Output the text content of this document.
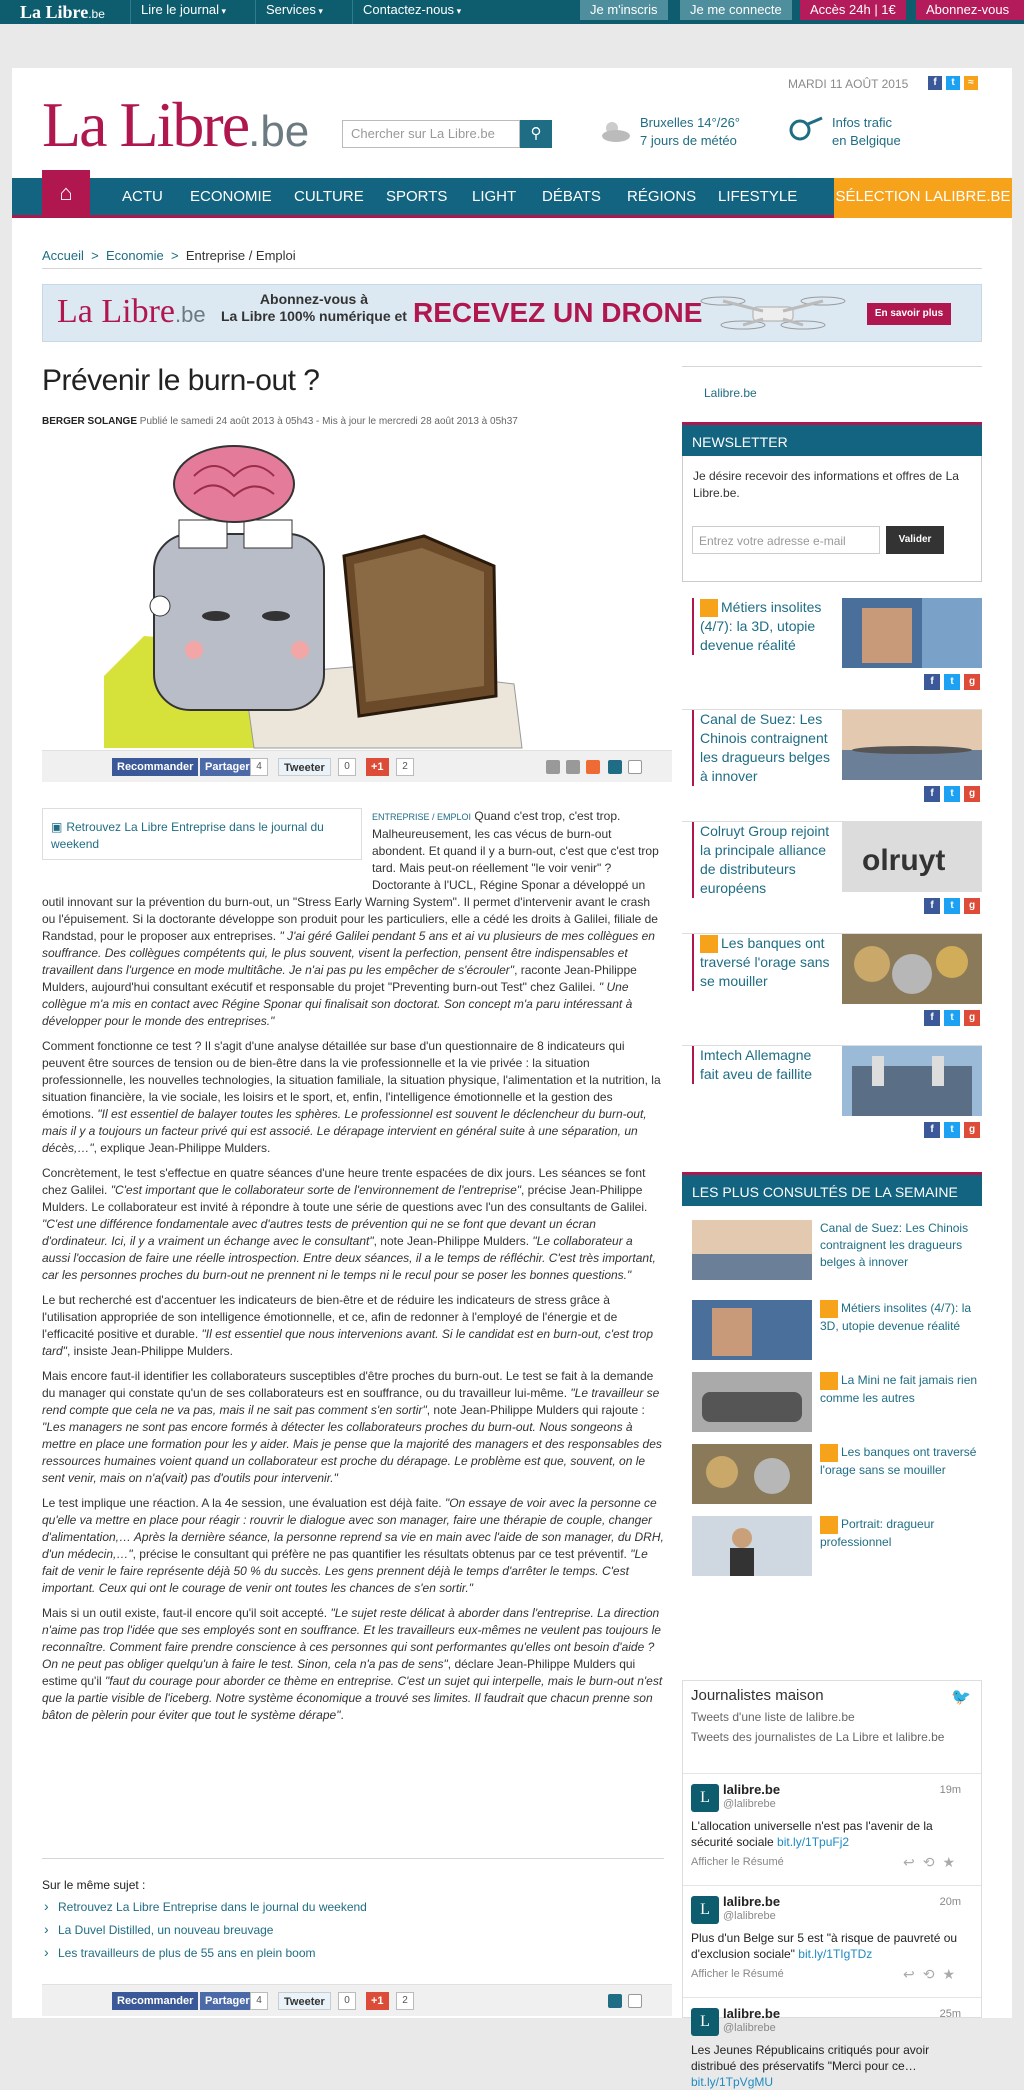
La Libre.be	Lire le journal ▾	Services ▾	Contactez-nous ▾	Je m'inscris	Je me connecte	Accès 24h | 1€	Abonnez-vous
MARDI 11 AOÛT 2015	f	t	≈
La Libre.be	Chercher sur La Libre.be	⚲
Bruxelles 14°/26°
7 jours de météo
Infos trafic
en Belgique
⌂	ACTU ECONOMIE CULTURE SPORTS LIGHT DÉBATS RÉGIONS LIFESTYLE	SÉLECTION LALIBRE.BE
Accueil  >  Economie  >  Entreprise / Emploi
La Libre.be
Abonnez-vous à
La Libre 100% numérique et RECEVEZ UN DRONE	En savoir plus
Prévenir le burn-out ?
BERGER SOLANGE Publié le samedi 24 août 2013 à 05h43 - Mis à jour le mercredi 28 août 2013 à 05h37
Recommander	Partager 4	Tweeter	0	+1	2

ENTREPRISE / EMPLOI Quand c'est trop, c'est trop. Malheureusement, les cas vécus de burn-out abondent. Et quand il y a burn-out, c'est que c'est trop tard. Mais peut-on réellement "le voir venir" ? Doctorante à l'UCL, Régine Sponar a développé un outil innovant sur la prévention du burn-out, un "Stress Early Warning System". Il permet d'intervenir avant le crash ou l'épuisement. Si la doctorante développe son produit pour les particuliers, elle a cédé les droits à Galilei, filiale de Randstad, pour le proposer aux entreprises. " J'ai géré Galilei pendant 5 ans et ai vu plusieurs de mes collègues en souffrance. Des collègues compétents qui, le plus souvent, visent la perfection, pensent être indispensables et travaillent dans l'urgence en mode multitâche. Je n'ai pas pu les empêcher de s'écrouler", raconte Jean-Philippe Mulders, aujourd'hui consultant exécutif et responsable du projet "Preventing burn-out Test" chez Galilei. " Une collègue m'a mis en contact avec Régine Sponar qui finalisait son doctorat. Son concept m'a paru intéressant à développer pour le monde des entreprises."

Comment fonctionne ce test ? Il s'agit d'une analyse détaillée sur base d'un questionnaire de 8 indicateurs qui peuvent être sources de tension ou de bien-être dans la vie professionnelle et la vie privée : la situation professionnelle, les nouvelles technologies, la situation familiale, la situation physique, l'alimentation et la nutrition, la situation financière, la vie sociale, les loisirs et le sport, et, enfin, l'intelligence émotionnelle et la gestion des émotions. "Il est essentiel de balayer toutes les sphères. Le professionnel est souvent le déclencheur du burn-out, mais il y a toujours un facteur privé qui est associé. Le dérapage intervient en général suite à une séparation, un décès,…", explique Jean-Philippe Mulders.

Concrètement, le test s'effectue en quatre séances d'une heure trente espacées de dix jours. Les séances se font chez Galilei. "C'est important que le collaborateur sorte de l'environnement de l'entreprise", précise Jean-Philippe Mulders. Le collaborateur est invité à répondre à toute une série de questions avec l'un des consultants de Galilei. "C'est une différence fondamentale avec d'autres tests de prévention qui ne se font que devant un écran d'ordinateur. Ici, il y a vraiment un échange avec le consultant", note Jean-Philippe Mulders. "Le collaborateur a aussi l'occasion de faire une réelle introspection. Entre deux séances, il a le temps de réfléchir. C'est très important, car les personnes proches du burn-out ne prennent ni le temps ni le recul pour se poser les bonnes questions."

Le but recherché est d'accentuer les indicateurs de bien-être et de réduire les indicateurs de stress grâce à l'utilisation appropriée de son intelligence émotionnelle, et ce, afin de redonner à l'employé de l'énergie et de l'efficacité positive et durable. "Il est essentiel que nous intervenions avant. Si le candidat est en burn-out, c'est trop tard", insiste Jean-Philippe Mulders.

Mais encore faut-il identifier les collaborateurs susceptibles d'être proches du burn-out. Le test se fait à la demande du manager qui constate qu'un de ses collaborateurs est en souffrance, ou du travailleur lui-même. "Le travailleur se rend compte que cela ne va pas, mais il ne sait pas comment s'en sortir", note Jean-Philippe Mulders qui rajoute : "Les managers ne sont pas encore formés à détecter les collaborateurs proches du burn-out. Nous songeons à mettre en place une formation pour les y aider. Mais je pense que la majorité des managers et des responsables des ressources humaines voient quand un collaborateur est proche du dérapage. Le problème est que, souvent, on le sent venir, mais on n'a(vait) pas d'outils pour intervenir."

Le test implique une réaction. A la 4e session, une évaluation est déjà faite. "On essaye de voir avec la personne ce qu'elle va mettre en place pour réagir : rouvrir le dialogue avec son manager, faire une thérapie de couple, changer d'alimentation,… Après la dernière séance, la personne reprend sa vie en main avec l'aide de son manager, du DRH, d'un médecin,…", précise le consultant qui préfère ne pas quantifier les résultats obtenus par ce test préventif. "Le fait de venir le faire représente déjà 50 % du succès. Les gens prennent déjà le temps d'arrêter le temps. C'est important. Ceux qui ont le courage de venir ont toutes les chances de s'en sortir."

Mais si un outil existe, faut-il encore qu'il soit accepté. "Le sujet reste délicat à aborder dans l'entreprise. La direction n'aime pas trop l'idée que ses employés sont en souffrance. Et les travailleurs eux-mêmes ne veulent pas toujours le reconnaître. Comment faire prendre conscience à ces personnes qui sont performantes qu'elles ont besoin d'aide ? On ne peut pas obliger quelqu'un à faire le test. Sinon, cela n'a pas de sens", déclare Jean-Philippe Mulders qui estime qu'il "faut du courage pour aborder ce thème en entreprise. C'est un sujet qui interpelle, mais le burn-out n'est que la partie visible de l'iceberg. Notre système économique a trouvé ses limites. Il faudrait que chacun prenne son bâton de pèlerin pour éviter que tout le système dérape".

▣ Retrouvez La Libre Entreprise dans le journal du weekend
Sur le même sujet :
› Retrouvez La Libre Entreprise dans le journal du weekend
› La Duvel Distilled, un nouveau breuvage
› Les travailleurs de plus de 55 ans en plein boom
Recommander	Partager 4	Tweeter	0	+1	2
Lalibre.be
NEWSLETTER
Je désire recevoir des informations et offres de La Libre.be.
Entrez votre adresse e-mail	Valider
Métiers insolites (4/7): la 3D, utopie devenue réalité
f	t	g
Canal de Suez: Les Chinois contraignent les dragueurs belges à innover
f	t	g
Colruyt Group rejoint la principale alliance de distributeurs européens
olruyt
f	t	g
Les banques ont traversé l'orage sans se mouiller
f	t	g
Imtech Allemagne fait aveu de faillite
f	t	g
LES PLUS CONSULTÉS DE LA SEMAINE
Canal de Suez: Les Chinois contraignent les dragueurs belges à innover
Métiers insolites (4/7): la 3D, utopie devenue réalité
La Mini ne fait jamais rien comme les autres
Les banques ont traversé l'orage sans se mouiller
Portrait: dragueur professionnel
Journalistes maison	🐦
Tweets d'une liste de lalibre.be
Tweets des journalistes de La Libre et lalibre.be
L	lalibre.be
@lalibrebe
19m
L'allocation universelle n'est pas l'avenir de la sécurité sociale bit.ly/1TpuFj2
Afficher le Résumé	↩⟲★
L	lalibre.be
@lalibrebe
20m
Plus d'un Belge sur 5 est "à risque de pauvreté ou d'exclusion sociale" bit.ly/1TIgTDz
Afficher le Résumé	↩⟲★
L	lalibre.be
@lalibrebe
25m
Les Jeunes Républicains critiqués pour avoir distribué des préservatifs "Merci pour ce… bit.ly/1TpVgMU
